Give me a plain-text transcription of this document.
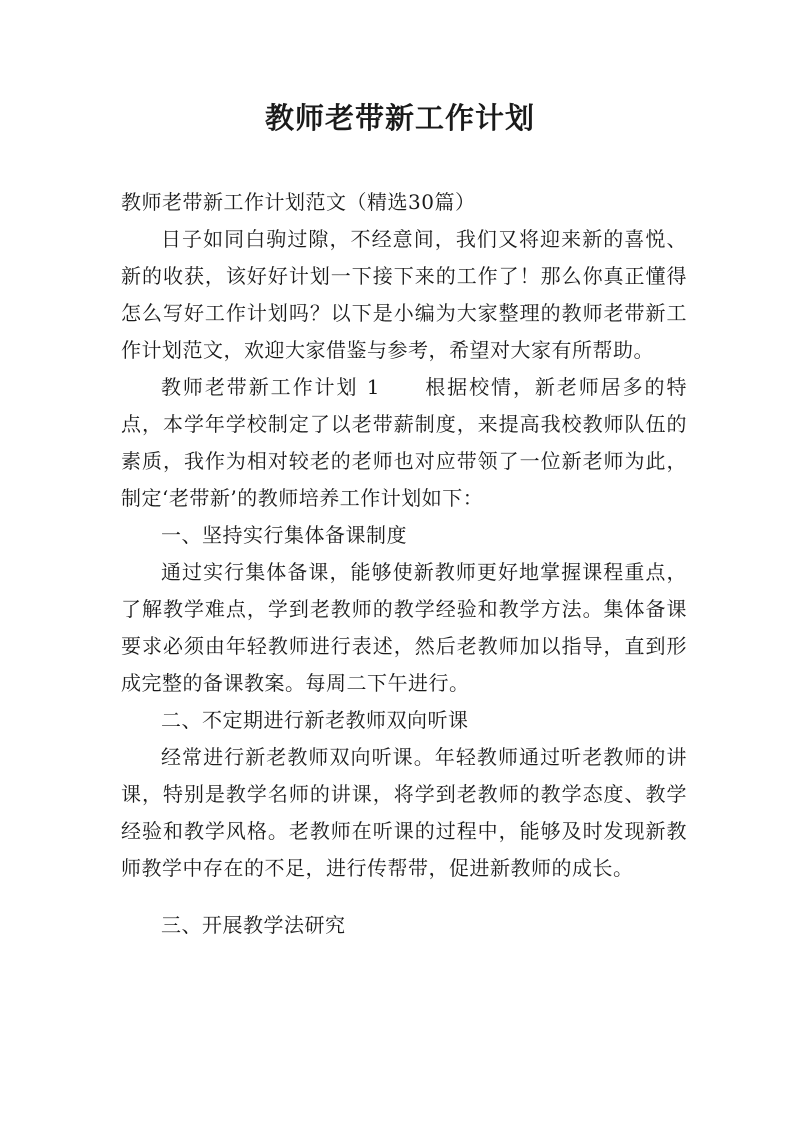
教师老带新工作计划

教师老带新工作计划范文（精选30篇）

日子如同白驹过隙，不经意间，我们又将迎来新的喜悦、新的收获，该好好计划一下接下来的工作了！那么你真正懂得怎么写好工作计划吗？以下是小编为大家整理的教师老带新工作计划范文，欢迎大家借鉴与参考，希望对大家有所帮助。

教师老带新工作计划 1　　根据校情，新老师居多的特点，本学年学校制定了以老带薪制度，来提高我校教师队伍的素质，我作为相对较老的老师也对应带领了一位新老师为此，制定‘老带新’的教师培养工作计划如下：

一、坚持实行集体备课制度

通过实行集体备课，能够使新教师更好地掌握课程重点，了解教学难点，学到老教师的教学经验和教学方法。集体备课要求必须由年轻教师进行表述，然后老教师加以指导，直到形成完整的备课教案。每周二下午进行。

二、不定期进行新老教师双向听课

经常进行新老教师双向听课。年轻教师通过听老教师的讲课，特别是教学名师的讲课，将学到老教师的教学态度、教学经验和教学风格。老教师在听课的过程中，能够及时发现新教师教学中存在的不足，进行传帮带，促进新教师的成长。

三、开展教学法研究
